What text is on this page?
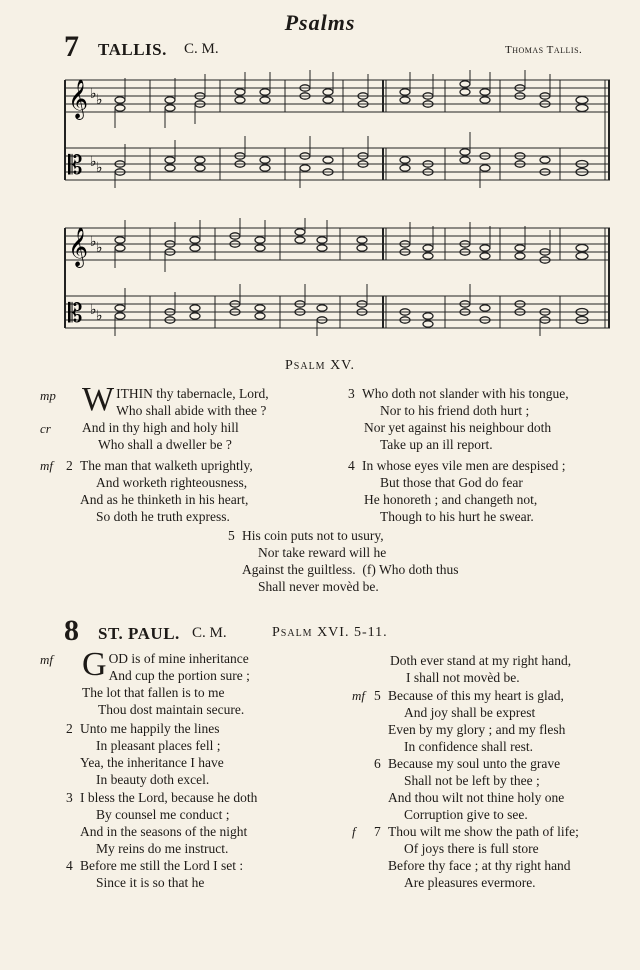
Psalms
7 TALLIS. C. M.	Thomas Tallis.
𝄞
𝄡
♭ ♭
♭ ♭
𝄞
𝄡
♭ ♭
♭ ♭
Psalm XV.
mp
cr
mf
W ITHIN thy tabernacle, Lord,
Who shall abide with thee ?
And in thy high and holy hill
Who shall a dweller be ?
2 The man that walketh uprightly,
And worketh righteousness,
And as he thinketh in his heart,
So doth he truth express.
3 Who doth not slander with his tongue,
Nor to his friend doth hurt ;
Nor yet against his neighbour doth
Take up an ill report.
4 In whose eyes vile men are despised ;
But those that God do fear
He honoreth ; and changeth not,
Though to his hurt he swear.
5 His coin puts not to usury,
Nor take reward will he
Against the guiltless. (f) Who doth thus
Shall never movèd be.
8 ST. PAUL. C. M.	Psalm XVI. 5-11.
mf
mf
f
G OD is of mine inheritance
And cup the portion sure ;
The lot that fallen is to me
Thou dost maintain secure.
2 Unto me happily the lines
In pleasant places fell ;
Yea, the inheritance I have
In beauty doth excel.
3 I bless the Lord, because he doth
By counsel me conduct ;
And in the seasons of the night
My reins do me instruct.
4 Before me still the Lord I set :
Since it is so that he
Doth ever stand at my right hand,
I shall not movèd be.
5 Because of this my heart is glad,
And joy shall be exprest
Even by my glory ; and my flesh
In confidence shall rest.
6 Because my soul unto the grave
Shall not be left by thee ;
And thou wilt not thine holy one
Corruption give to see.
7 Thou wilt me show the path of life;
Of joys there is full store
Before thy face ; at thy right hand
Are pleasures evermore.
